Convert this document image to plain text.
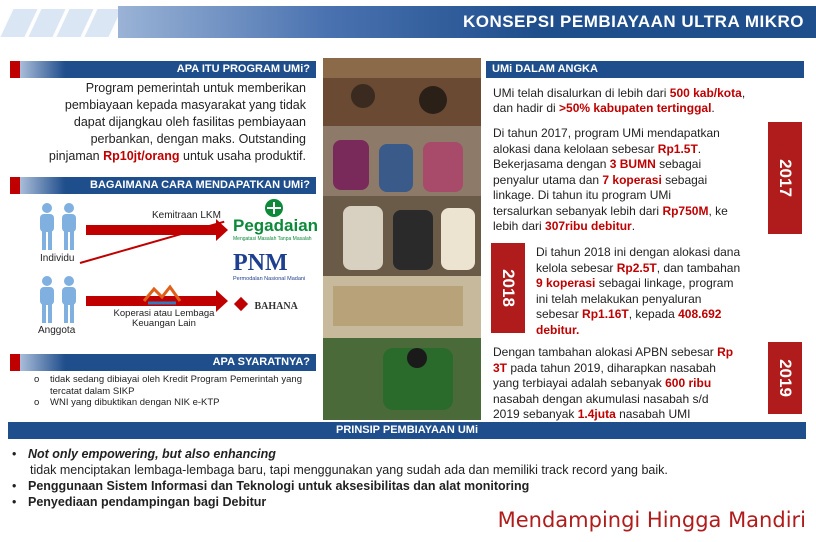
KONSEPSI PEMBIAYAAN ULTRA MIKRO
APA ITU PROGRAM UMi?
Program pemerintah untuk memberikan
pembiayaan kepada masyarakat yang tidak
dapat dijangkau oleh fasilitas pembiayaan
perbankan, dengan maks. Outstanding
pinjaman Rp10jt/orang untuk usaha produktif.
BAGAIMANA CARA MENDAPATKAN UMi?
Individu
Anggota
Kemitraan LKM
Koperasi atau Lembaga Keuangan Lain
Pegadaian
Mengatasi Masalah Tanpa Masalah
PNM
Permodalan Nasional Madani
BAHANA
APA SYARATNYA?
o	tidak sedang dibiayai oleh Kredit Program Pemerintah yang tercatat dalam SIKP
o	WNI yang dibuktikan dengan NIK e-KTP
UMi DALAM ANGKA
UMi telah disalurkan di lebih dari 500 kab/kota,
dan hadir di >50% kabupaten tertinggal.
Di tahun 2017, program UMi mendapatkan
alokasi dana kelolaan sebesar Rp1.5T.
Bekerjasama dengan 3 BUMN sebagai
penyalur utama dan 7 koperasi sebagai
linkage. Di tahun itu program UMi
tersalurkan sebanyak lebih dari Rp750M, ke
lebih dari 307ribu debitur.
2017
2018
Di tahun 2018 ini dengan alokasi dana
kelola sebesar Rp2.5T, dan tambahan
9 koperasi sebagai linkage, program
ini telah melakukan penyaluran
sebesar Rp1.16T, kepada 408.692
debitur.
Dengan tambahan alokasi APBN sebesar Rp
3T pada tahun 2019, diharapkan nasabah
yang terbiayai adalah sebanyak 600 ribu
nasabah dengan akumulasi nasabah s/d
2019 sebanyak 1.4juta nasabah UMI
2019
PRINSIP PEMBIAYAAN UMi
• Not only empowering, but also enhancing
tidak menciptakan lembaga-lembaga baru, tapi menggunakan yang sudah ada dan memiliki track record yang baik.
• Penggunaan Sistem Informasi dan Teknologi untuk aksesibilitas dan alat monitoring
• Penyediaan pendampingan bagi Debitur
Mendampingi Hingga Mandiri
